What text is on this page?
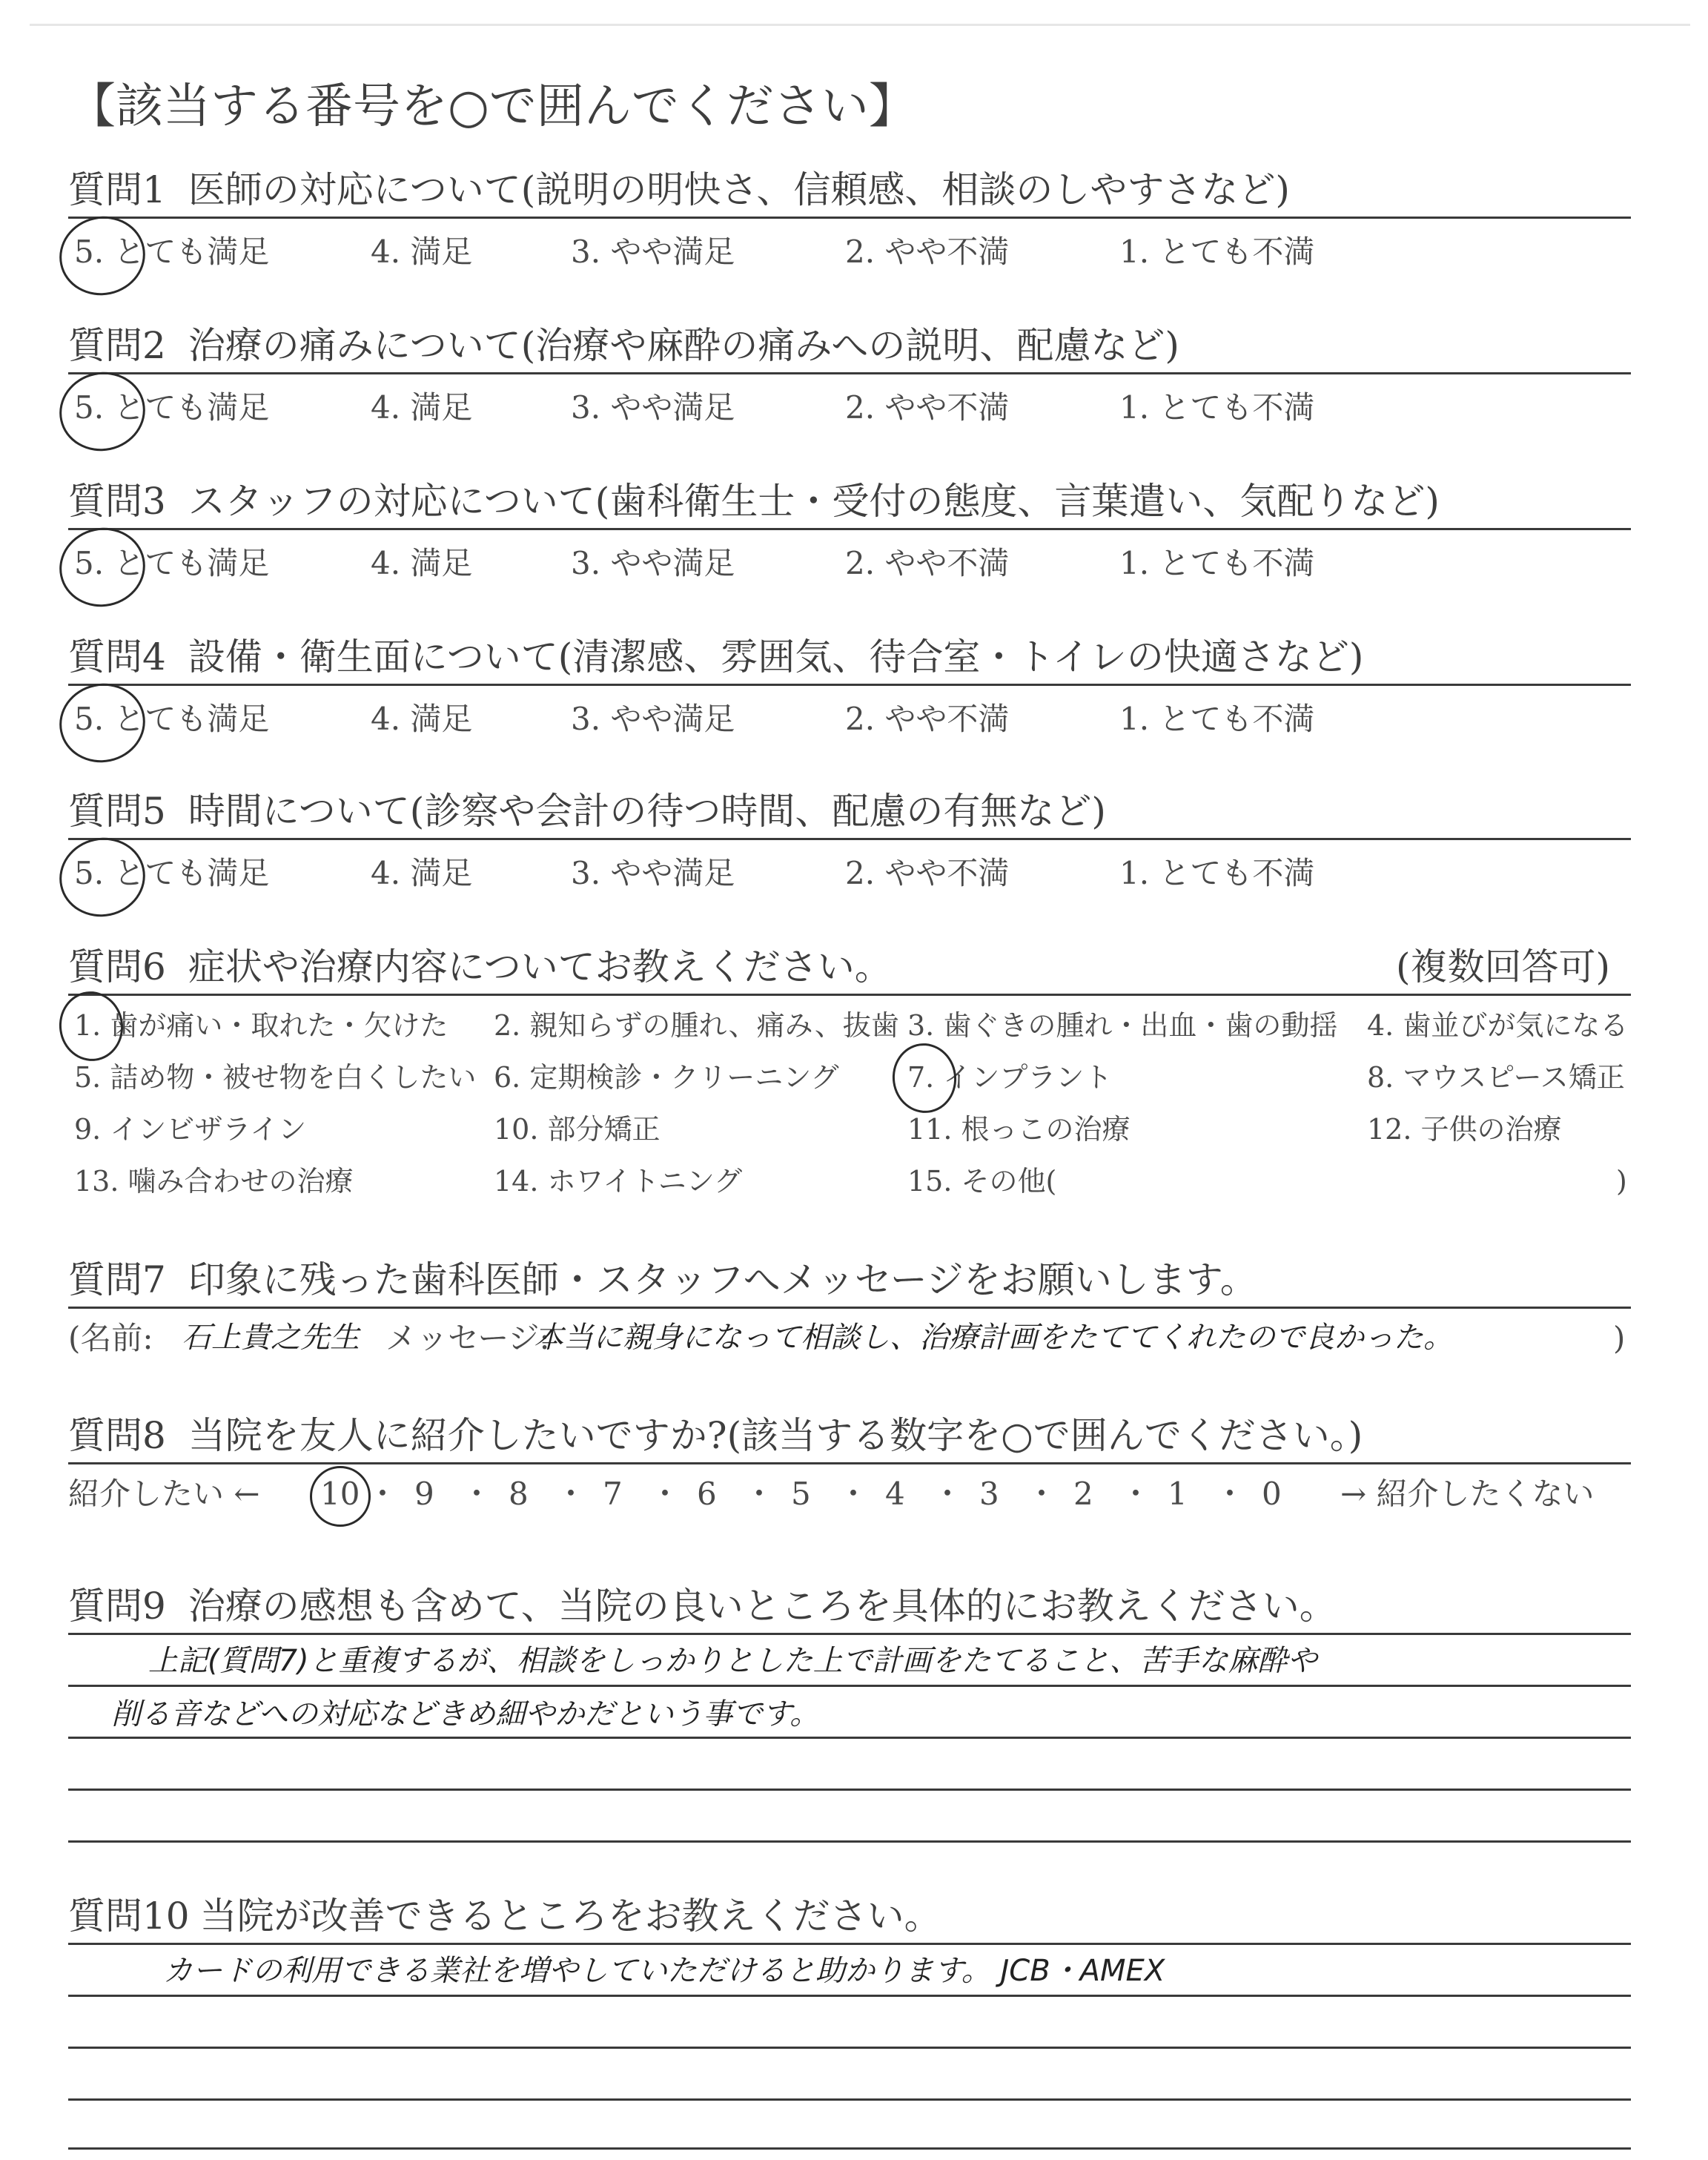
【該当する番号を○で囲んでください】
質問1 医師の対応について(説明の明快さ、信頼感、相談のしやすさなど)
5. とても満足	4. 満足	3. やや満足	2. やや不満	1. とても不満
質問2 治療の痛みについて(治療や麻酔の痛みへの説明、配慮など)
5. とても満足	4. 満足	3. やや満足	2. やや不満	1. とても不満
質問3 スタッフの対応について(歯科衛生士・受付の態度、言葉遣い、気配りなど)
5. とても満足	4. 満足	3. やや満足	2. やや不満	1. とても不満
質問4 設備・衛生面について(清潔感、雰囲気、待合室・トイレの快適さなど)
5. とても満足	4. 満足	3. やや満足	2. やや不満	1. とても不満
質問5 時間について(診察や会計の待つ時間、配慮の有無など)
5. とても満足	4. 満足	3. やや満足	2. やや不満	1. とても不満
質問6 症状や治療内容についてお教えください。	(複数回答可)
1. 歯が痛い・取れた・欠けた 2. 親知らずの腫れ、痛み、抜歯 3. 歯ぐきの腫れ・出血・歯の動揺 4. 歯並びが気になる
5. 詰め物・被せ物を白くしたい 6. 定期検診・クリーニング 7. インプラント	8. マウスピース矯正
9. インビザライン	10. 部分矯正	11. 根っこの治療	12. 子供の治療
13. 噛み合わせの治療	14. ホワイトニング	15. その他(	)
質問7 印象に残った歯科医師・スタッフへメッセージをお願いします。
(名前: 石上貴之先生 メッセージ:
本当に親身になって相談し、治療計画をたててくれたので良かった。	)
質問8 当院を友人に紹介したいですか?(該当する数字を○で囲んでください。)
紹介したい ← 10 ・ 9 ・ 8 ・ 7 ・ 6 ・ 5 ・ 4 ・ 3 ・ 2 ・ 1 ・ 0 → 紹介したくない
質問9 治療の感想も含めて、当院の良いところを具体的にお教えください。
上記(質問7)と重複するが、相談をしっかりとした上で計画をたてること、苦手な麻酔や
削る音などへの対応などきめ細やかだという事です。
質問10 当院が改善できるところをお教えください。
カードの利用できる業社を増やしていただけると助かります。 JCB・AMEX
